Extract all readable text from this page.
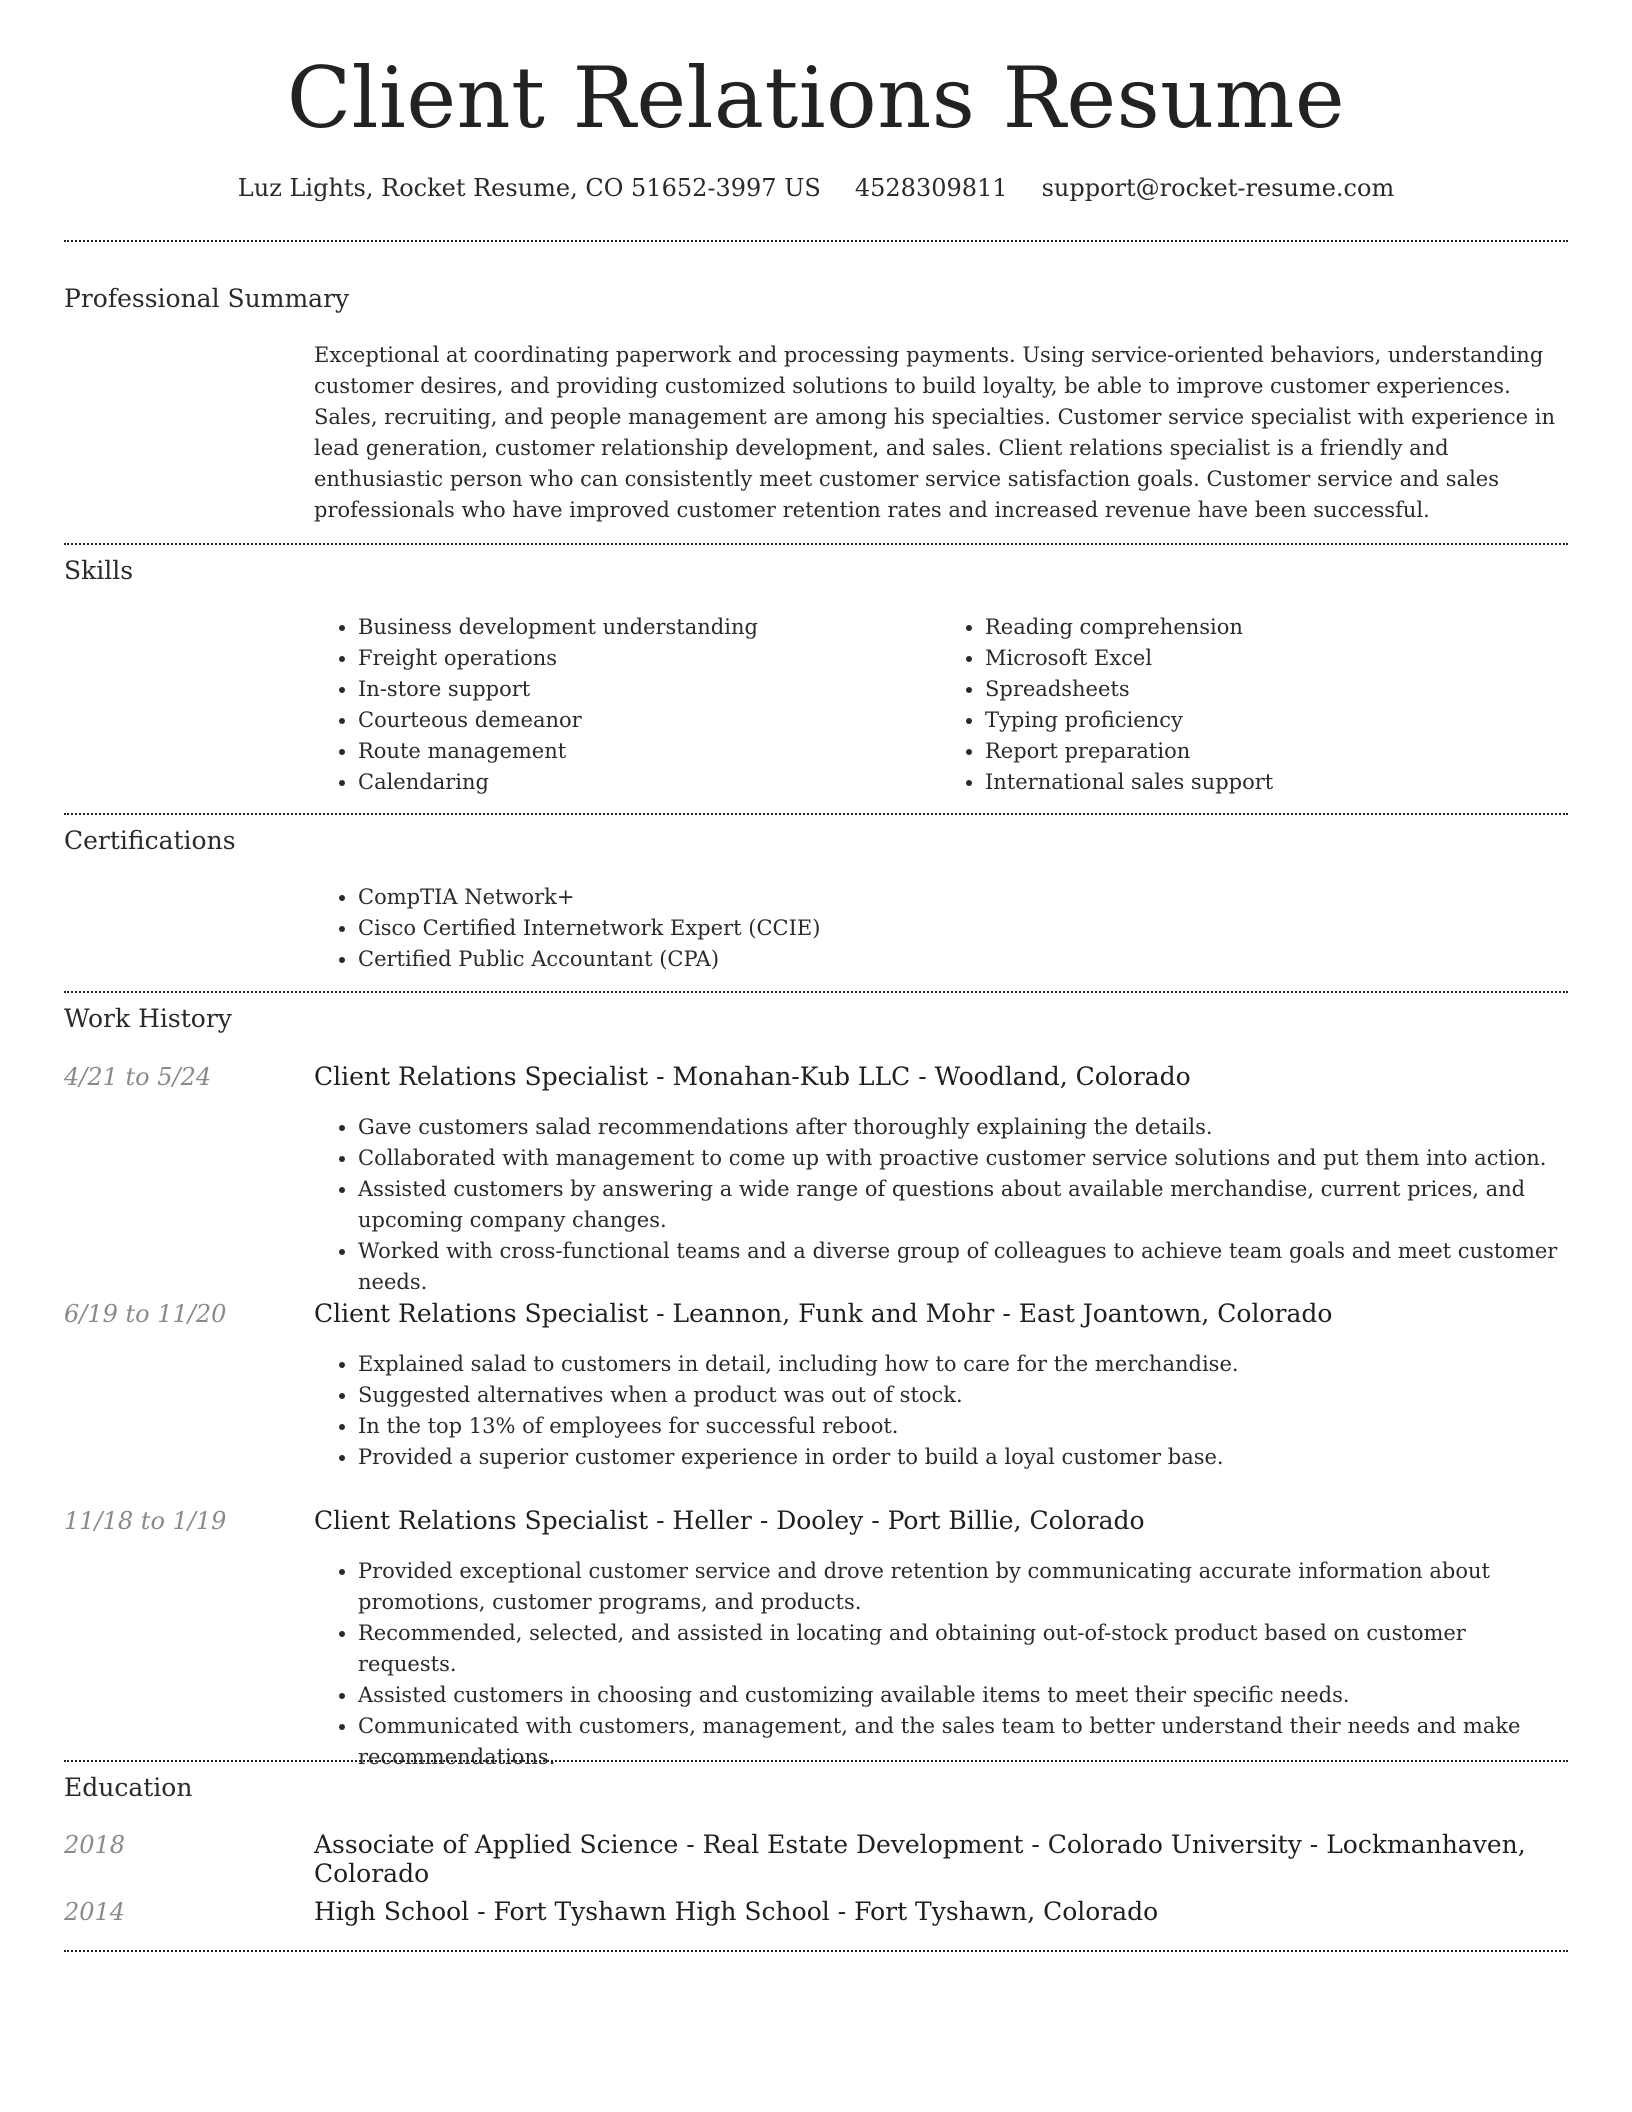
Client Relations Resume
Luz Lights, Rocket Resume, CO 51652-3997 US 4528309811 support@rocket-resume.com
Professional Summary

Exceptional at coordinating paperwork and processing payments. Using service-oriented behaviors, understanding customer desires, and providing customized solutions to build loyalty, be able to improve customer experiences. Sales, recruiting, and people management are among his specialties. Customer service specialist with experience in lead generation, customer relationship development, and sales. Client relations specialist is a friendly and enthusiastic person who can consistently meet customer service satisfaction goals. Customer service and sales professionals who have improved customer retention rates and increased revenue have been successful.

Skills
• Business development understanding
• Freight operations
• In-store support
• Courteous demeanor
• Route management
• Calendaring
• Reading comprehension
• Microsoft Excel
• Spreadsheets
• Typing proficiency
• Report preparation
• International sales support
Certifications
• CompTIA Network+
• Cisco Certified Internetwork Expert (CCIE)
• Certified Public Accountant (CPA)
Work History
4/21 to 5/24	Client Relations Specialist - Monahan-Kub LLC - Woodland, Colorado
• Gave customers salad recommendations after thoroughly explaining the details.
• Collaborated with management to come up with proactive customer service solutions and put them into action.
• Assisted customers by answering a wide range of questions about available merchandise, current prices, and upcoming company changes.
• Worked with cross-functional teams and a diverse group of colleagues to achieve team goals and meet customer needs.
6/19 to 11/20	Client Relations Specialist - Leannon, Funk and Mohr - East Joantown, Colorado
• Explained salad to customers in detail, including how to care for the merchandise.
• Suggested alternatives when a product was out of stock.
• In the top 13% of employees for successful reboot.
• Provided a superior customer experience in order to build a loyal customer base.
11/18 to 1/19	Client Relations Specialist - Heller - Dooley - Port Billie, Colorado
• Provided exceptional customer service and drove retention by communicating accurate information about promotions, customer programs, and products.
• Recommended, selected, and assisted in locating and obtaining out-of-stock product based on customer requests.
• Assisted customers in choosing and customizing available items to meet their specific needs.
• Communicated with customers, management, and the sales team to better understand their needs and make recommendations.
Education
2018	Associate of Applied Science - Real Estate Development - Colorado University - Lockmanhaven, Colorado
2014	High School - Fort Tyshawn High School - Fort Tyshawn, Colorado
